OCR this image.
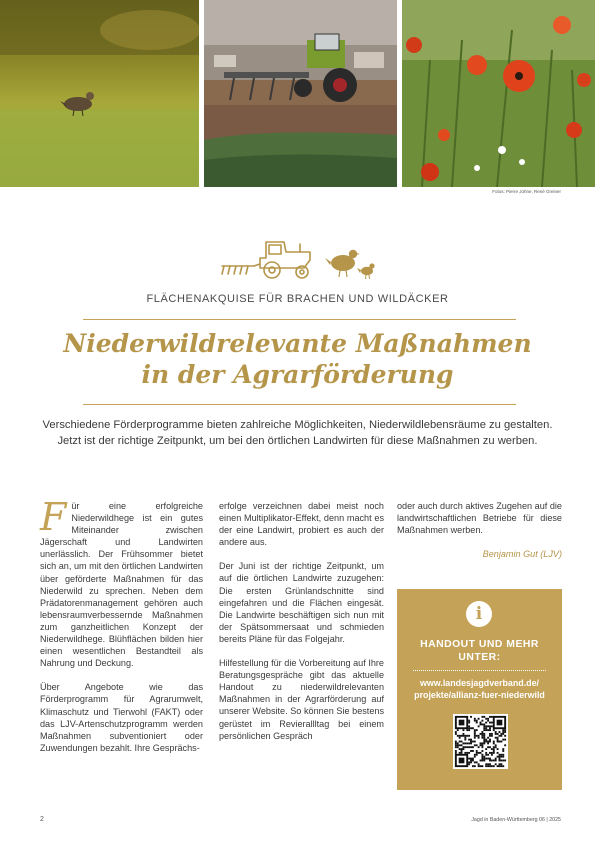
Fotos: Pierre Johne, René Greiner
FLÄCHENAKQUISE FÜR BRACHEN UND WILDÄCKER
Niederwildrelevante Maßnahmen
in der Agrarförderung

Verschiedene Förderprogramme bieten zahlreiche Möglichkeiten, Niederwildlebensräume zu gestalten. Jetzt ist der richtige Zeitpunkt, um bei den örtlichen Landwirten für diese Maßnahmen zu werben.

Für eine erfolgreiche Niederwildhege ist ein gutes Miteinander zwischen Jägerschaft und Landwirten unerlässlich. Der Frühsommer bietet sich an, um mit den örtlichen Landwirten über geförderte Maßnahmen für das Niederwild zu sprechen. Neben dem Prädatorenmanagement gehören auch lebensraumverbessernde Maßnahmen zum ganzheitlichen Konzept der Niederwildhege. Blühflächen bilden hier einen wesentlichen Bestandteil als Nahrung und Deckung.

Über Angebote wie das Förderprogramm für Agrarumwelt, Klimaschutz und Tierwohl (FAKT) oder das LJV-Artenschutzprogramm werden Maßnahmen subventioniert oder Zuwendungen bezahlt. Ihre Gesprächs-

erfolge verzeichnen dabei meist noch einen Multiplikator-Effekt, denn macht es der eine Landwirt, probiert es auch der andere aus.

Der Juni ist der richtige Zeitpunkt, um auf die örtlichen Landwirte zuzugehen: Die ersten Grünlandschnitte sind eingefahren und die Flächen eingesät. Die Landwirte beschäftigen sich nun mit der Spätsommersaat und schmieden bereits Pläne für das Folgejahr.

Hilfestellung für die Vorbereitung auf Ihre Beratungsgespräche gibt das aktuelle Handout zu niederwildrelevanten Maßnahmen in der Agrarförderung auf unserer Website. So können Sie bestens gerüstet im Revierallltag bei einem persönlichen Gespräch

oder auch durch aktives Zugehen auf die landwirtschaftlichen Betriebe für diese Maßnahmen werben.

Benjamin Gut (LJV)

i
HANDOUT UND MEHR UNTER:
www.landesjagdverband.de/
projekte/allianz-fuer-niederwild
2	Jagd in Baden-Württemberg 06 | 2025
